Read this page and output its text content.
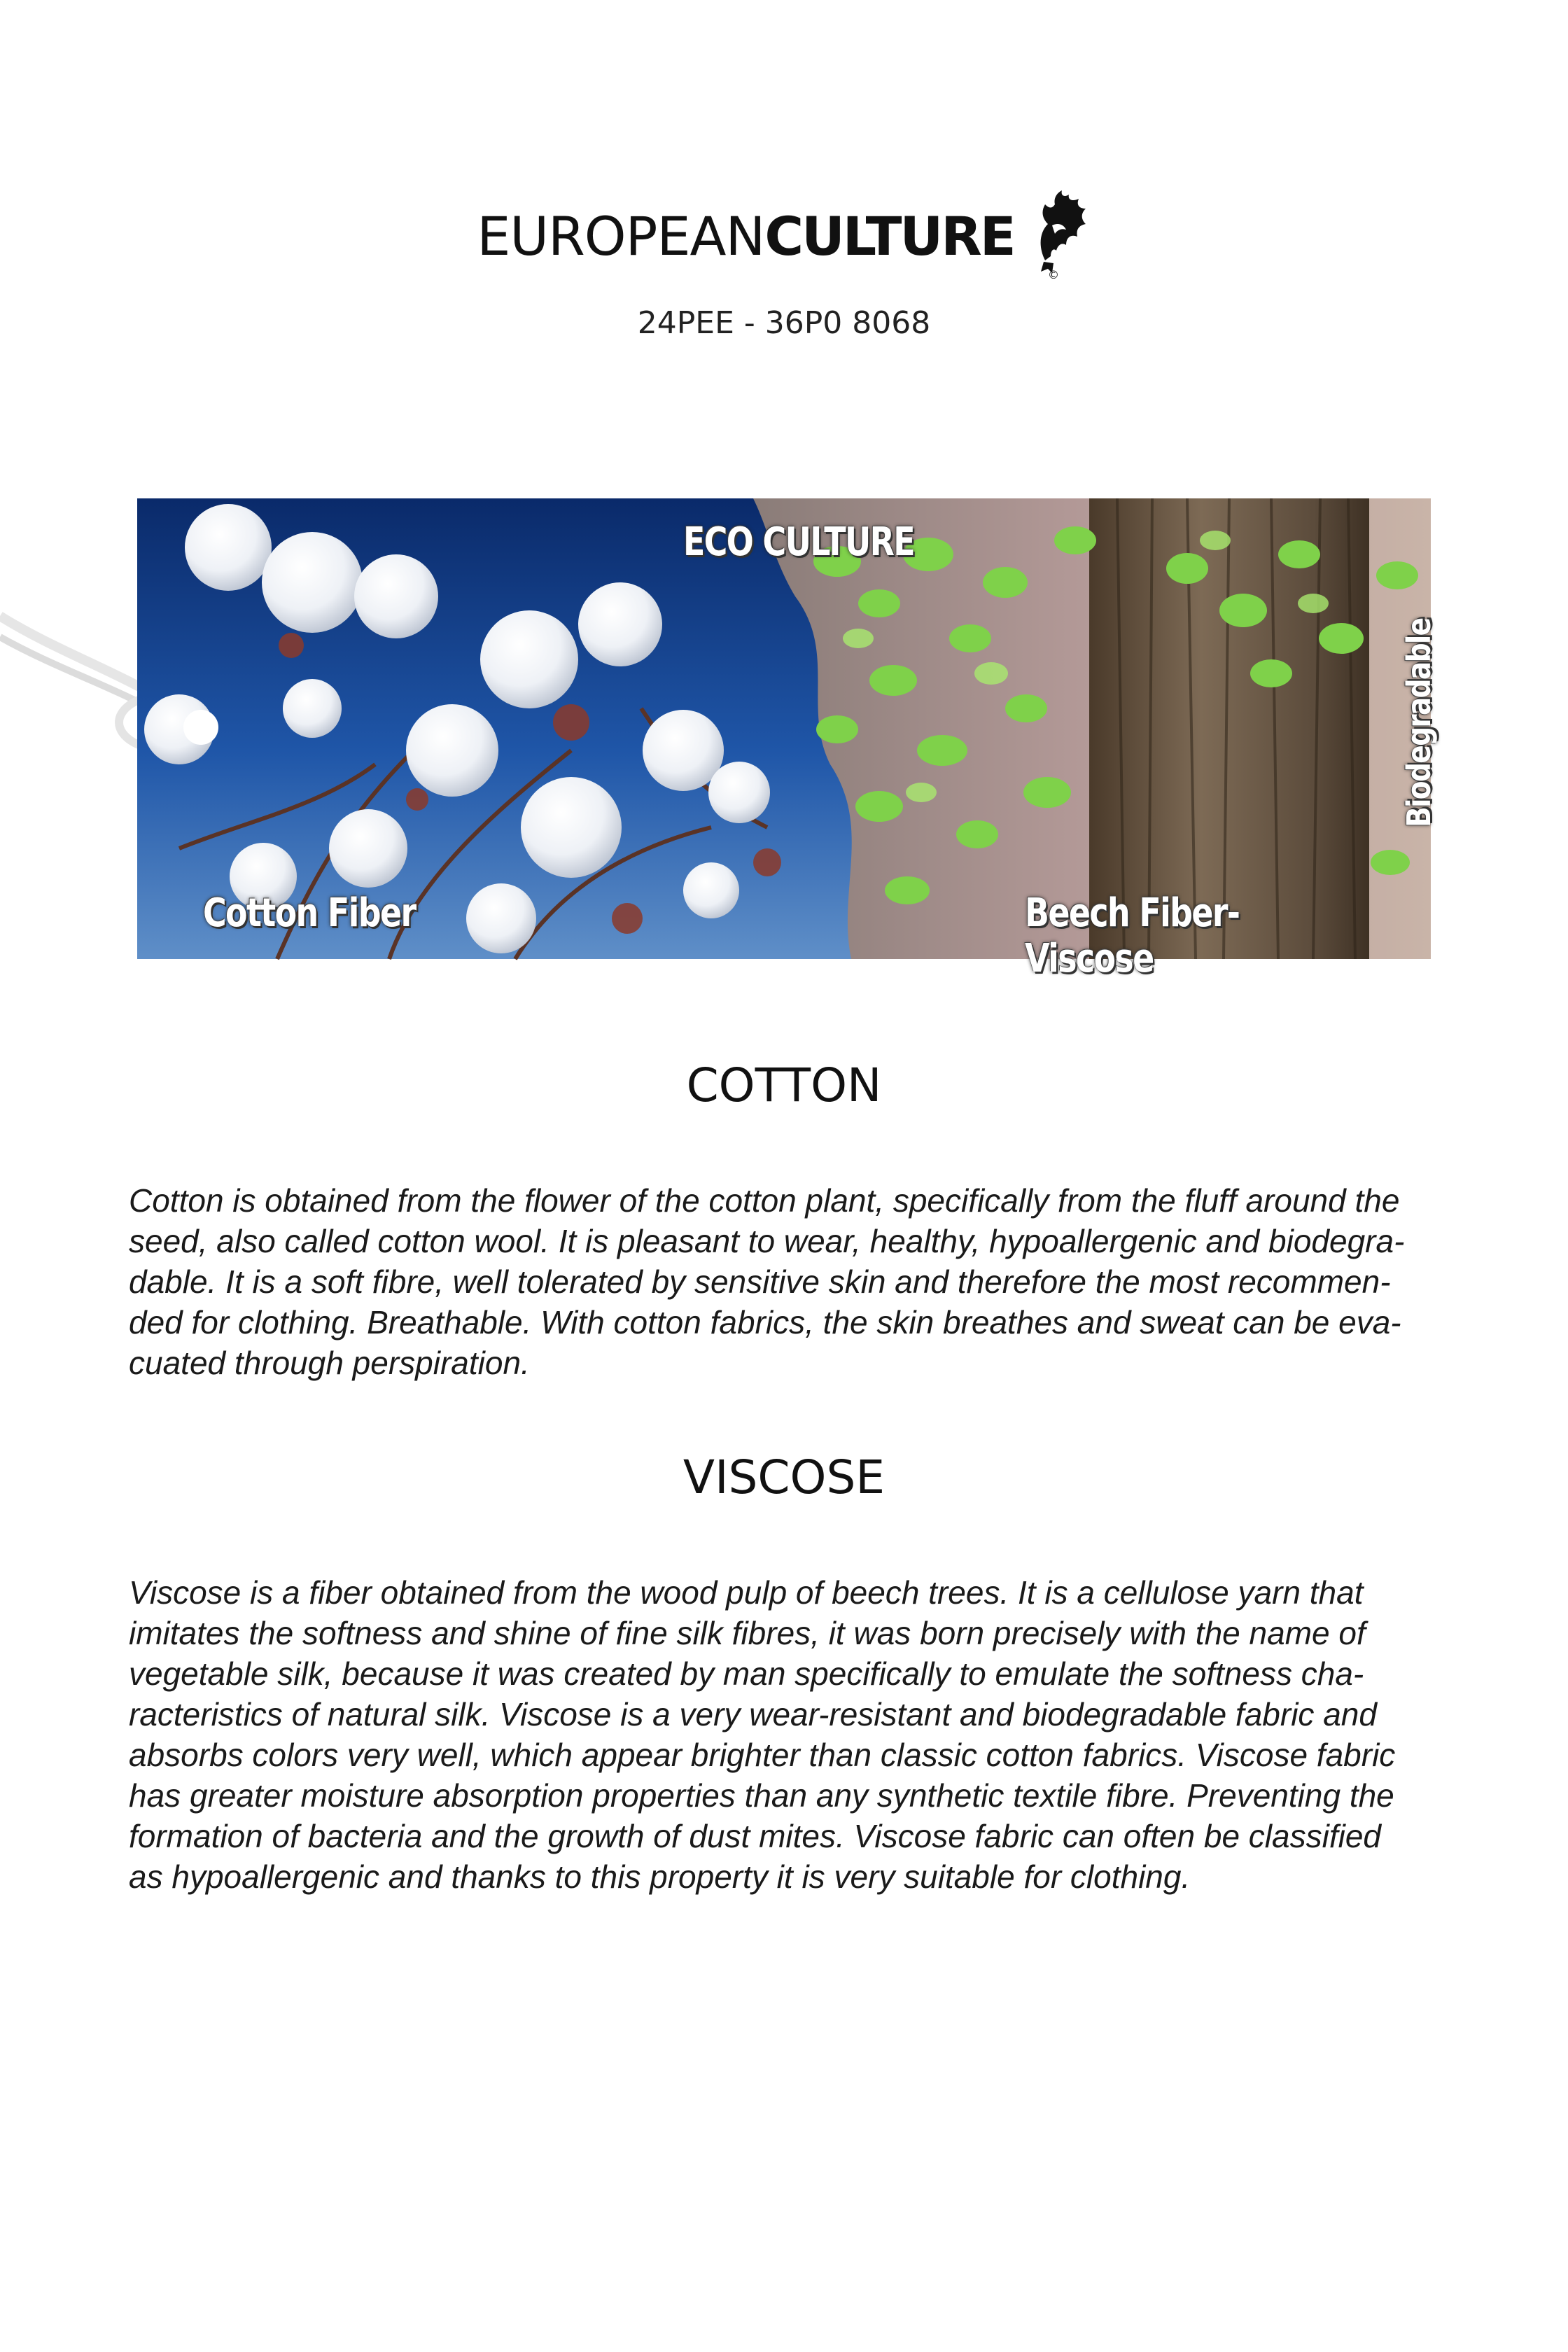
EUROPEANCULTURE
©
24PEE - 36P0 8068
ECO CULTURE
Cotton Fiber	Beech Fiber-Viscose
Biodegradable
COTTON
Cotton is obtained from the flower of the cotton plant, specifically from the fluff around the
seed, also called cotton wool. It is pleasant to wear, healthy, hypoallergenic and biodegra-
dable. It is a soft fibre, well tolerated by sensitive skin and therefore the most recommen-
ded for clothing. Breathable. With cotton fabrics, the skin breathes and sweat can be eva-
cuated through perspiration.
VISCOSE
Viscose is a fiber obtained from the wood pulp of beech trees. It is a cellulose yarn that
imitates the softness and shine of fine silk fibres, it was born precisely with the name of
vegetable silk, because it was created by man specifically to emulate the softness cha-
racteristics of natural silk. Viscose is a very wear-resistant and biodegradable fabric and
absorbs colors very well, which appear brighter than classic cotton fabrics. Viscose fabric
has greater moisture absorption properties than any synthetic textile fibre. Preventing the
formation of bacteria and the growth of dust mites. Viscose fabric can often be classified
as hypoallergenic and thanks to this property it is very suitable for clothing.
